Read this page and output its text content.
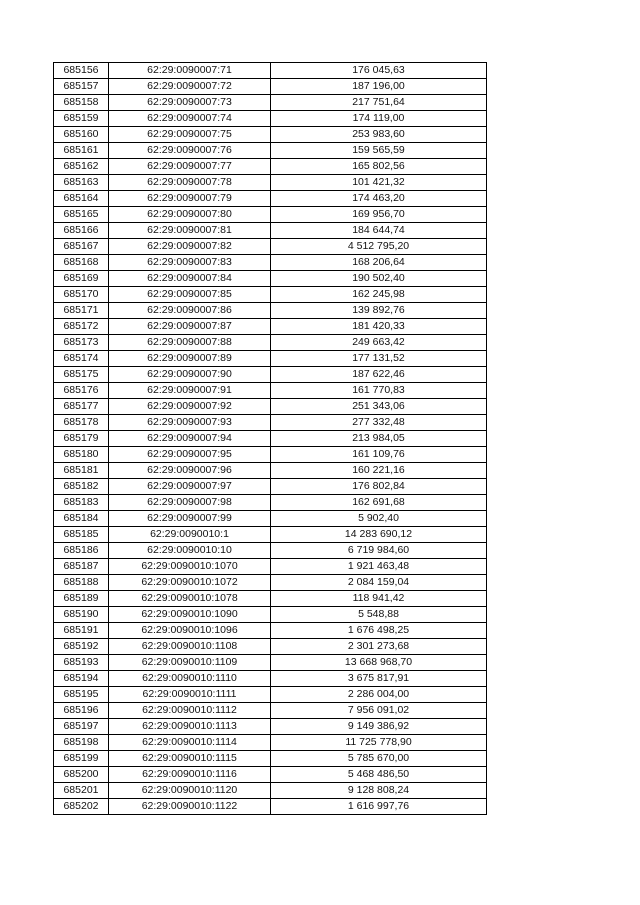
685156	62:29:0090007:71	176 045,63
685157	62:29:0090007:72	187 196,00
685158	62:29:0090007:73	217 751,64
685159	62:29:0090007:74	174 119,00
685160	62:29:0090007:75	253 983,60
685161	62:29:0090007:76	159 565,59
685162	62:29:0090007:77	165 802,56
685163	62:29:0090007:78	101 421,32
685164	62:29:0090007:79	174 463,20
685165	62:29:0090007:80	169 956,70
685166	62:29:0090007:81	184 644,74
685167	62:29:0090007:82	4 512 795,20
685168	62:29:0090007:83	168 206,64
685169	62:29:0090007:84	190 502,40
685170	62:29:0090007:85	162 245,98
685171	62:29:0090007:86	139 892,76
685172	62:29:0090007:87	181 420,33
685173	62:29:0090007:88	249 663,42
685174	62:29:0090007:89	177 131,52
685175	62:29:0090007:90	187 622,46
685176	62:29:0090007:91	161 770,83
685177	62:29:0090007:92	251 343,06
685178	62:29:0090007:93	277 332,48
685179	62:29:0090007:94	213 984,05
685180	62:29:0090007:95	161 109,76
685181	62:29:0090007:96	160 221,16
685182	62:29:0090007:97	176 802,84
685183	62:29:0090007:98	162 691,68
685184	62:29:0090007:99	5 902,40
685185	62:29:0090010:1	14 283 690,12
685186	62:29:0090010:10	6 719 984,60
685187	62:29:0090010:1070	1 921 463,48
685188	62:29:0090010:1072	2 084 159,04
685189	62:29:0090010:1078	118 941,42
685190	62:29:0090010:1090	5 548,88
685191	62:29:0090010:1096	1 676 498,25
685192	62:29:0090010:1108	2 301 273,68
685193	62:29:0090010:1109	13 668 968,70
685194	62:29:0090010:1110	3 675 817,91
685195	62:29:0090010:1111	2 286 004,00
685196	62:29:0090010:1112	7 956 091,02
685197	62:29:0090010:1113	9 149 386,92
685198	62:29:0090010:1114	11 725 778,90
685199	62:29:0090010:1115	5 785 670,00
685200	62:29:0090010:1116	5 468 486,50
685201	62:29:0090010:1120	9 128 808,24
685202	62:29:0090010:1122	1 616 997,76
